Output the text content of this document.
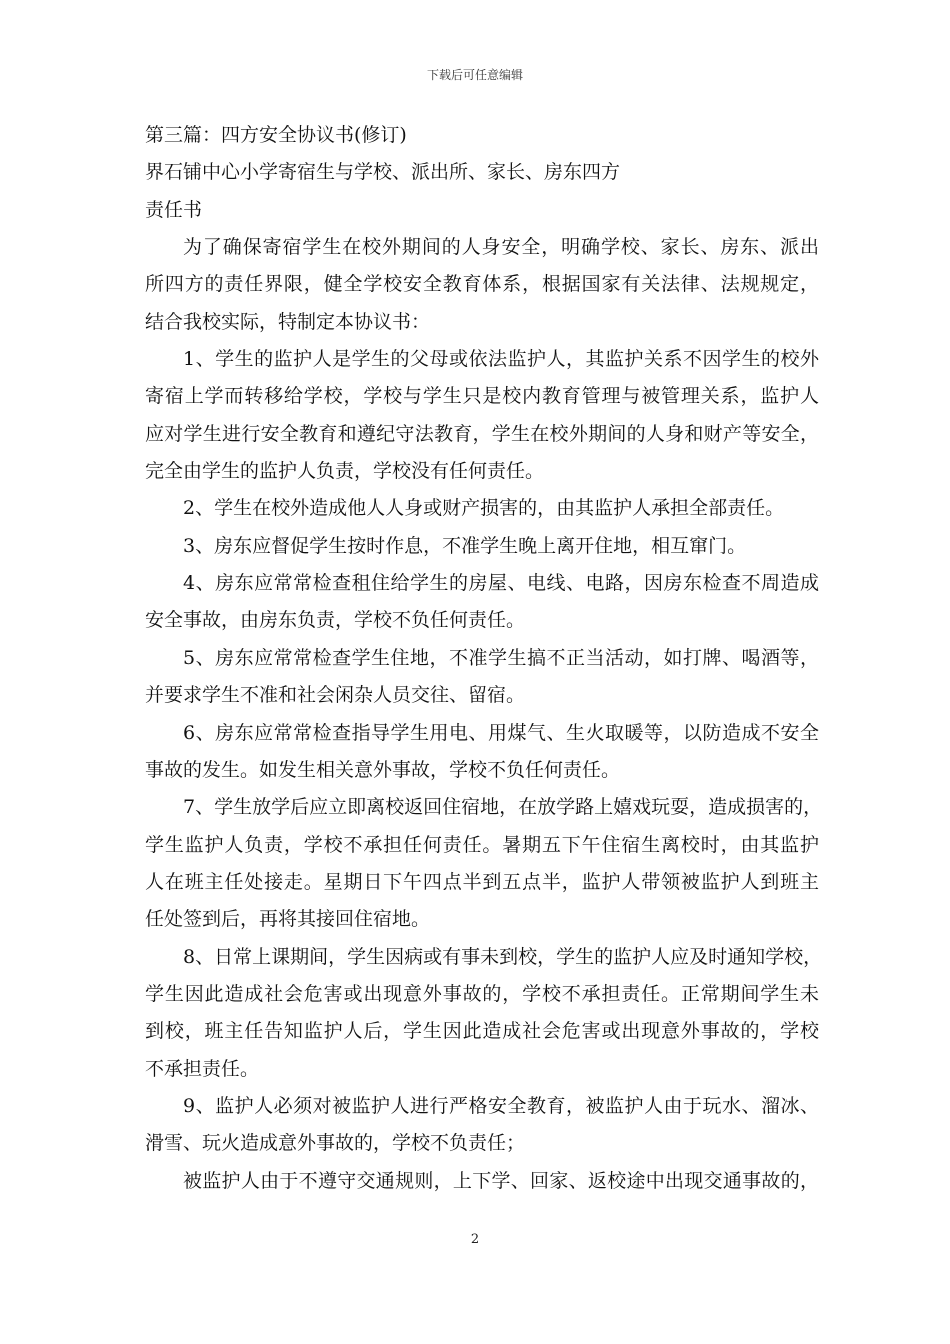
下载后可任意编辑
第三篇：四方安全协议书(修订)
界石铺中心小学寄宿生与学校、派出所、家长、房东四方
责任书
为了确保寄宿学生在校外期间的人身安全，明确学校、家长、房东、派出
所四方的责任界限，健全学校安全教育体系，根据国家有关法律、法规规定，
结合我校实际，特制定本协议书：
1、学生的监护人是学生的父母或依法监护人，其监护关系不因学生的校外
寄宿上学而转移给学校，学校与学生只是校内教育管理与被管理关系，监护人
应对学生进行安全教育和遵纪守法教育，学生在校外期间的人身和财产等安全，
完全由学生的监护人负责，学校没有任何责任。
2、学生在校外造成他人人身或财产损害的，由其监护人承担全部责任。
3、房东应督促学生按时作息，不准学生晚上离开住地，相互窜门。
4、房东应常常检查租住给学生的房屋、电线、电路，因房东检查不周造成
安全事故，由房东负责，学校不负任何责任。
5、房东应常常检查学生住地，不准学生搞不正当活动，如打牌、喝酒等，
并要求学生不准和社会闲杂人员交往、留宿。
6、房东应常常检查指导学生用电、用煤气、生火取暖等，以防造成不安全
事故的发生。如发生相关意外事故，学校不负任何责任。
7、学生放学后应立即离校返回住宿地，在放学路上嬉戏玩耍，造成损害的，
学生监护人负责，学校不承担任何责任。暑期五下午住宿生离校时，由其监护
人在班主任处接走。星期日下午四点半到五点半，监护人带领被监护人到班主
任处签到后，再将其接回住宿地。
8、日常上课期间，学生因病或有事未到校，学生的监护人应及时通知学校，
学生因此造成社会危害或出现意外事故的，学校不承担责任。正常期间学生未
到校，班主任告知监护人后，学生因此造成社会危害或出现意外事故的，学校
不承担责任。
9、监护人必须对被监护人进行严格安全教育，被监护人由于玩水、溜冰、
滑雪、玩火造成意外事故的，学校不负责任；
被监护人由于不遵守交通规则，上下学、回家、返校途中出现交通事故的，
2
